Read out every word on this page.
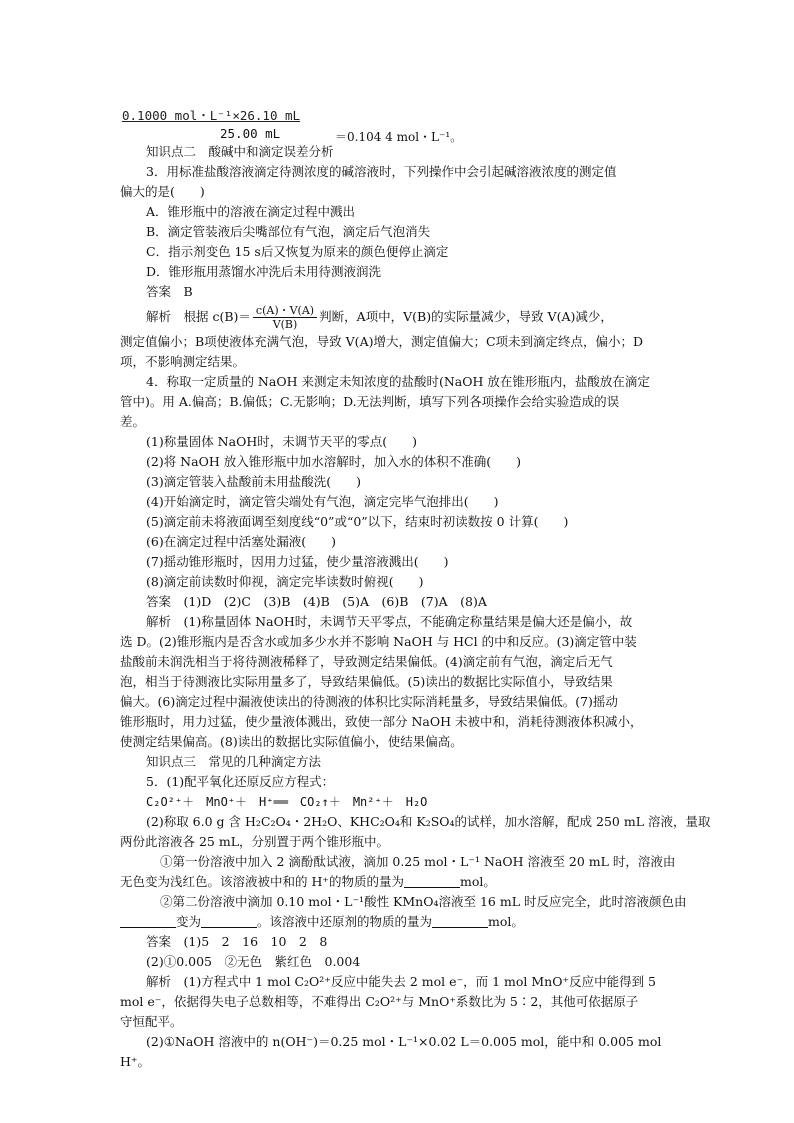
0.1000 mol・L⁻¹×26.10 mL
25.00 mL	＝0.104 4 mol・L⁻¹。
知识点二　酸碱中和滴定误差分析
3．用标准盐酸溶液滴定待测浓度的碱溶液时，下列操作中会引起碱溶液浓度的测定值
偏大的是(　　)
A．锥形瓶中的溶液在滴定过程中溅出
B．滴定管装液后尖嘴部位有气泡，滴定后气泡消失
C．指示剂变色 15 s后又恢复为原来的颜色便停止滴定
D．锥形瓶用蒸馏水冲洗后未用待测液润洗
答案　B
解析　根据 $c(B)= \frac{c(A)・V(A)}{V(B)}$ 判断，A项中，V(B)的实际量减少，导致 V(A)减少，
测定值偏小；B项使液体充满气泡，导致 V(A)增大，测定值偏大；C项未到滴定终点，偏小；D
项，不影响测定结果。
4．称取一定质量的 NaOH 来测定未知浓度的盐酸时(NaOH 放在锥形瓶内，盐酸放在滴定
管中)。用 A.偏高；B.偏低；C.无影响；D.无法判断，填写下列各项操作会给实验造成的误
差。
(1)称量固体 NaOH时，未调节天平的零点(　　)
(2)将 NaOH 放入锥形瓶中加水溶解时，加入水的体积不准确(　　)
(3)滴定管装入盐酸前未用盐酸洗(　　)
(4)开始滴定时，滴定管尖端处有气泡，滴定完毕气泡排出(　　)
(5)滴定前未将液面调至刻度线“0”或“0”以下，结束时初读数按 0 计算(　　)
(6)在滴定过程中活塞处漏液(　　)
(7)摇动锥形瓶时，因用力过猛，使少量溶液溅出(　　)
(8)滴定前读数时仰视，滴定完毕读数时俯视(　　)
答案　(1)D　(2)C　(3)B　(4)B　(5)A　(6)B　(7)A　(8)A
解析　(1)称量固体 NaOH时，未调节天平零点，不能确定称量结果是偏大还是偏小，故
选 D。(2)锥形瓶内是否含水或加多少水并不影响 NaOH 与 HCl 的中和反应。(3)滴定管中装
盐酸前未润洗相当于将待测液稀释了，导致测定结果偏低。(4)滴定前有气泡，滴定后无气
泡，相当于待测液比实际用量多了，导致结果偏低。(5)读出的数据比实际值小，导致结果
偏大。(6)滴定过程中漏液使读出的待测液的体积比实际消耗量多，导致结果偏低。(7)摇动
锥形瓶时，用力过猛，使少量液体溅出，致使一部分 NaOH 未被中和，消耗待测液体积减小，
使测定结果偏高。(8)读出的数据比实际值偏小，使结果偏高。
知识点三　常见的几种滴定方法
5．(1)配平氧化还原反应方程式：
C₂O²⁺＋　MnO⁺＋　H⁺══　CO₂↑＋　Mn²⁺＋　H₂O
(2)称取 6.0 g 含 H₂C₂O₄・2H₂O、KHC₂O₄和 K₂SO₄的试样，加水溶解，配成 250 mL 溶液，量取
两份此溶液各 25 mL，分别置于两个锥形瓶中。
①第一份溶液中加入 2 滴酚酞试液，滴加 0.25 mol・L⁻¹ NaOH 溶液至 20 mL 时，溶液由
无色变为浅红色。该溶液被中和的 H⁺的物质的量为	mol。
②第二份溶液中滴加 0.10 mol・L⁻¹酸性 KMnO₄溶液至 16 mL 时反应完全，此时溶液颜色由
变为	。该溶液中还原剂的物质的量为	mol。
答案　(1)5　2　16　10　2　8
(2)①0.005　②无色　紫红色　0.004
解析　(1)方程式中 1 mol C₂O²⁺反应中能失去 2 mol e⁻，而 1 mol MnO⁺反应中能得到 5
mol e⁻，依据得失电子总数相等，不难得出 C₂O²⁺与 MnO⁺系数比为 5∶2，其他可依据原子
守恒配平。
(2)①NaOH 溶液中的 n(OH⁻)＝0.25 mol・L⁻¹×0.02 L＝0.005 mol，能中和 0.005 mol
H⁺。
